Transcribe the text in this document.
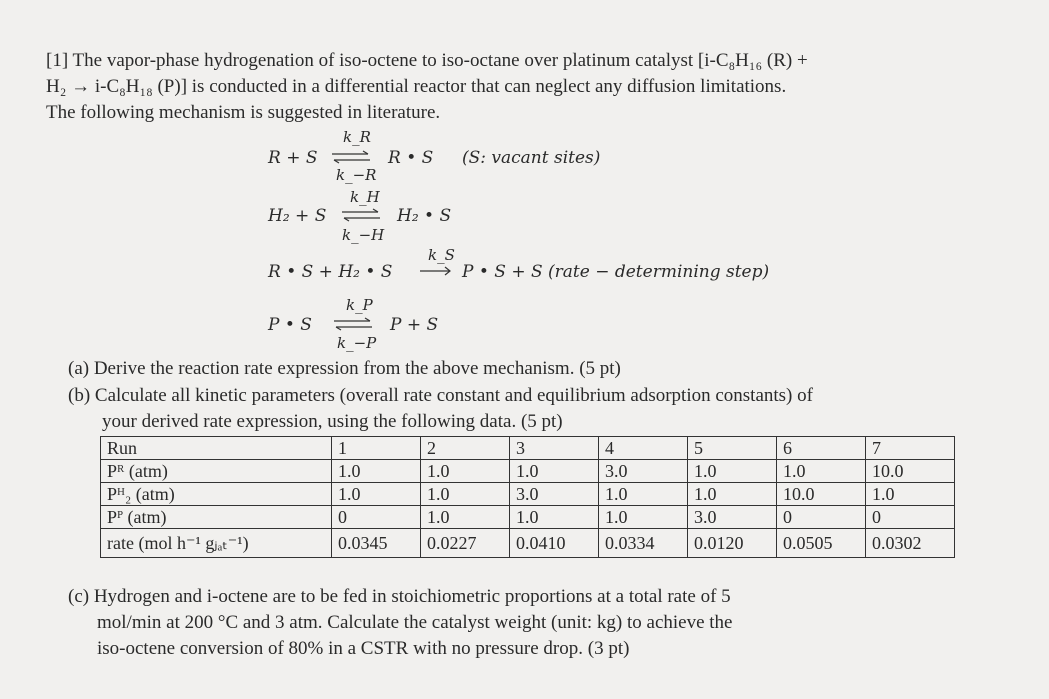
[1] The vapor-phase hydrogenation of iso-octene to iso-octane over platinum catalyst [i-C₈H₁₆ (R) +
H₂ → i-C₈H₁₈ (P)] is conducted in a differential reactor that can neglect any diffusion limitations.
The following mechanism is suggested in literature.
R + S
k_R
k_−R
R • S (S: vacant sites)
H₂ + S
k_H
k_−H
H₂ • S
R • S + H₂ • S
k_S
P • S + S (rate − determining step)
P • S
k_P
k_−P
P + S
(a) Derive the reaction rate expression from the above mechanism. (5 pt)
(b) Calculate all kinetic parameters (overall rate constant and equilibrium adsorption constants) of
your derived rate expression, using the following data. (5 pt)
Run	1	2	3	4	5	6	7
Pᴿ (atm)	1.0	1.0	1.0	3.0	1.0	1.0	10.0
Pᴴ₂ (atm)	1.0	1.0	3.0	1.0	1.0	10.0	1.0
Pᴾ (atm)	0	1.0	1.0	1.0	3.0	0	0
rate (mol h⁻¹ gⱼₐₜ⁻¹)	0.0345	0.0227	0.0410	0.0334	0.0120	0.0505	0.0302
(c) Hydrogen and i-octene are to be fed in stoichiometric proportions at a total rate of 5
mol/min at 200 °C and 3 atm. Calculate the catalyst weight (unit: kg) to achieve the
iso-octene conversion of 80% in a CSTR with no pressure drop. (3 pt)
